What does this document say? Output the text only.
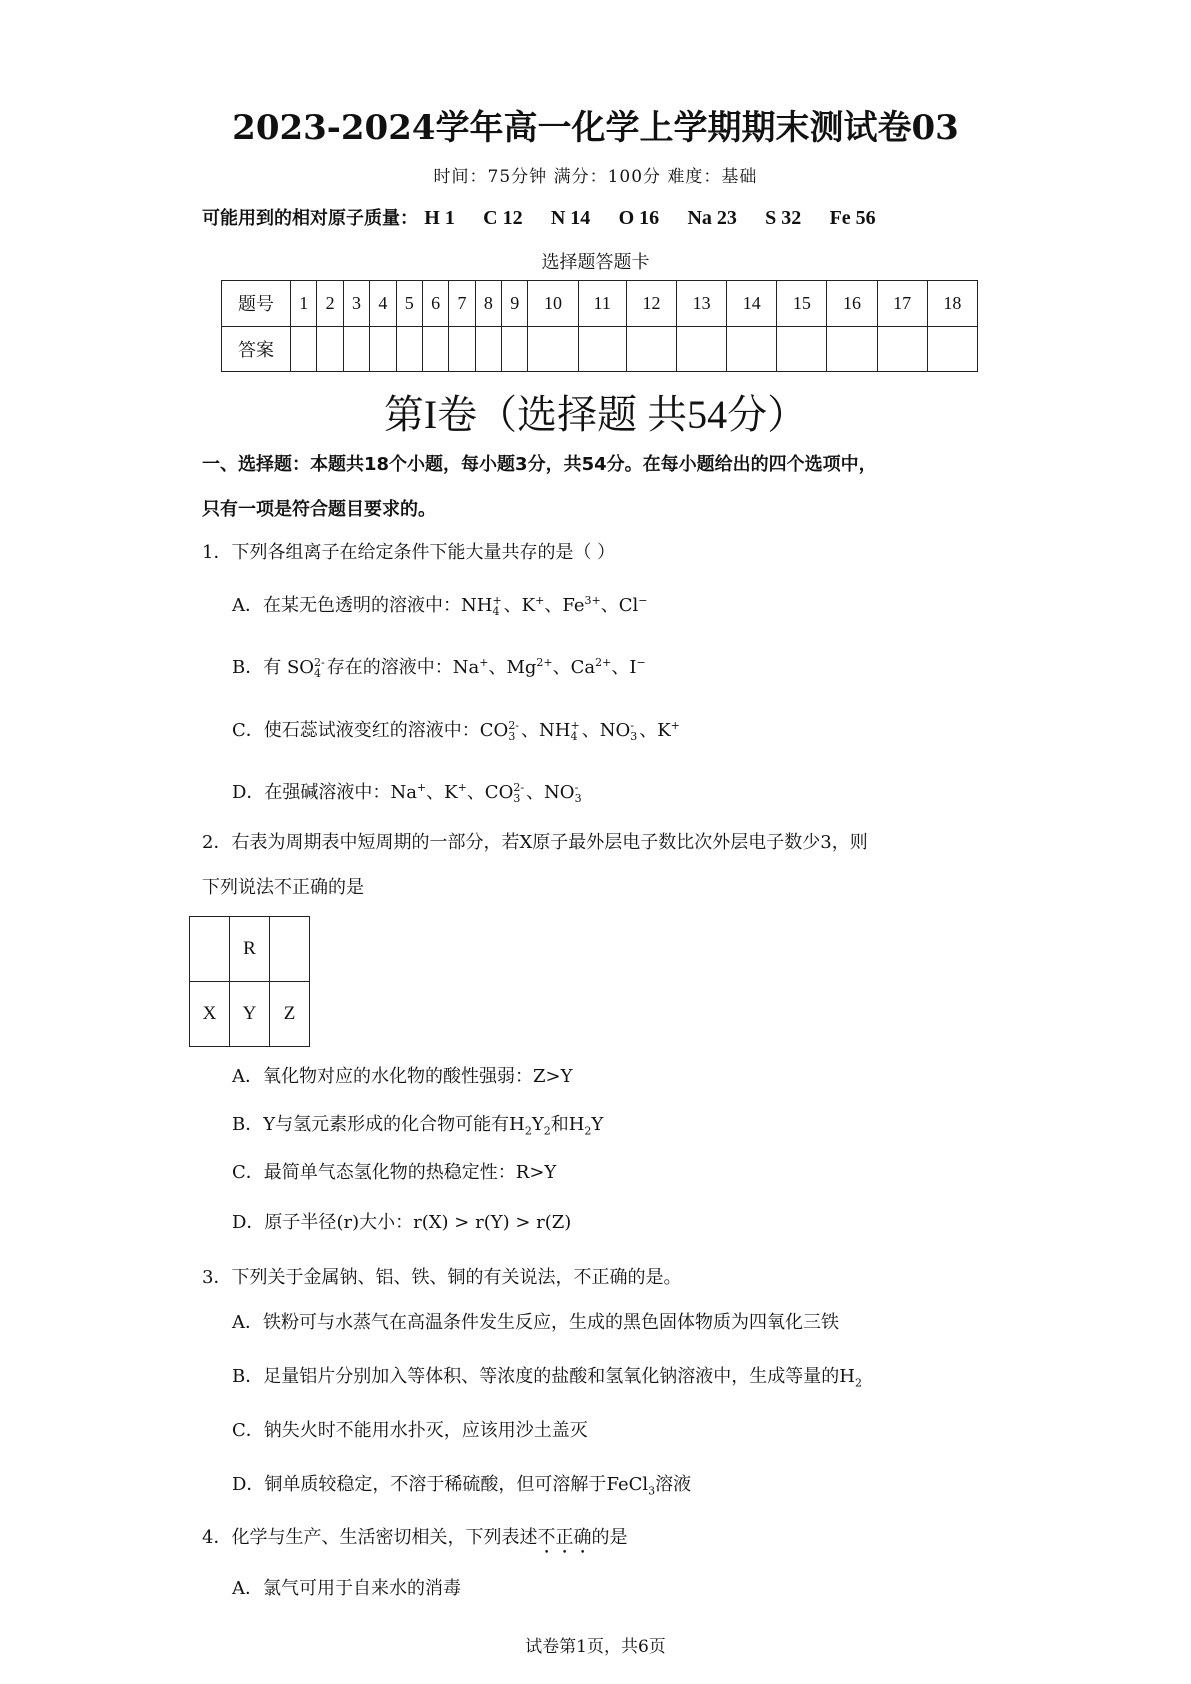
2023-2024学年高一化学上学期期末测试卷03
时间：75分钟 满分：100分 难度：基础
可能用到的相对原子质量： H 1 C 12 N 14 O 16 Na 23 S 32 Fe 56
选择题答题卡
题号	1	2	3	4	5	6	7	8	9	10	11	12	13	14	15	16	17	18
答案																		
第I卷（选择题 共54分）
一、选择题：本题共18个小题，每小题3分，共54分。在每小题给出的四个选项中，
只有一项是符合题目要求的。
1．下列各组离子在给定条件下能大量共存的是（ ）
A．在某无色透明的溶液中：NH +
4 、K+、$Fe^{3+}$、Cl−
B．有 SO 2-
4 存在的溶液中：Na+、$Mg^{2+}$、$Ca^{2+}$、I−
C．使石蕊试液变红的溶液中：CO 2-
3 、NH +
4 、NO -
3 、K+
D．在强碱溶液中：Na+、K+、CO 2-
3 、NO -
3
2．右表为周期表中短周期的一部分，若X原子最外层电子数比次外层电子数少3，则
下列说法不正确的是
	R	
X	Y	Z
A．氧化物对应的水化物的酸性强弱：Z>Y
B．Y与氢元素形成的化合物可能有$H_2Y_2$和$H_2Y$
C．最简单气态氢化物的热稳定性：R>Y
D．原子半径(r)大小：r(X) > r(Y) > r(Z)
3．下列关于金属钠、铝、铁、铜的有关说法，不正确的是。
A．铁粉可与水蒸气在高温条件发生反应，生成的黑色固体物质为四氧化三铁
B．足量铝片分别加入等体积、等浓度的盐酸和氢氧化钠溶液中，生成等量的$H_2$
C．钠失火时不能用水扑灭，应该用沙土盖灭
D．铜单质较稳定，不溶于稀硫酸，但可溶解于FeCl$_3$溶液
4．化学与生产、生活密切相关，下列表述不正确的是
A．氯气可用于自来水的消毒
试卷第1页，共6页
